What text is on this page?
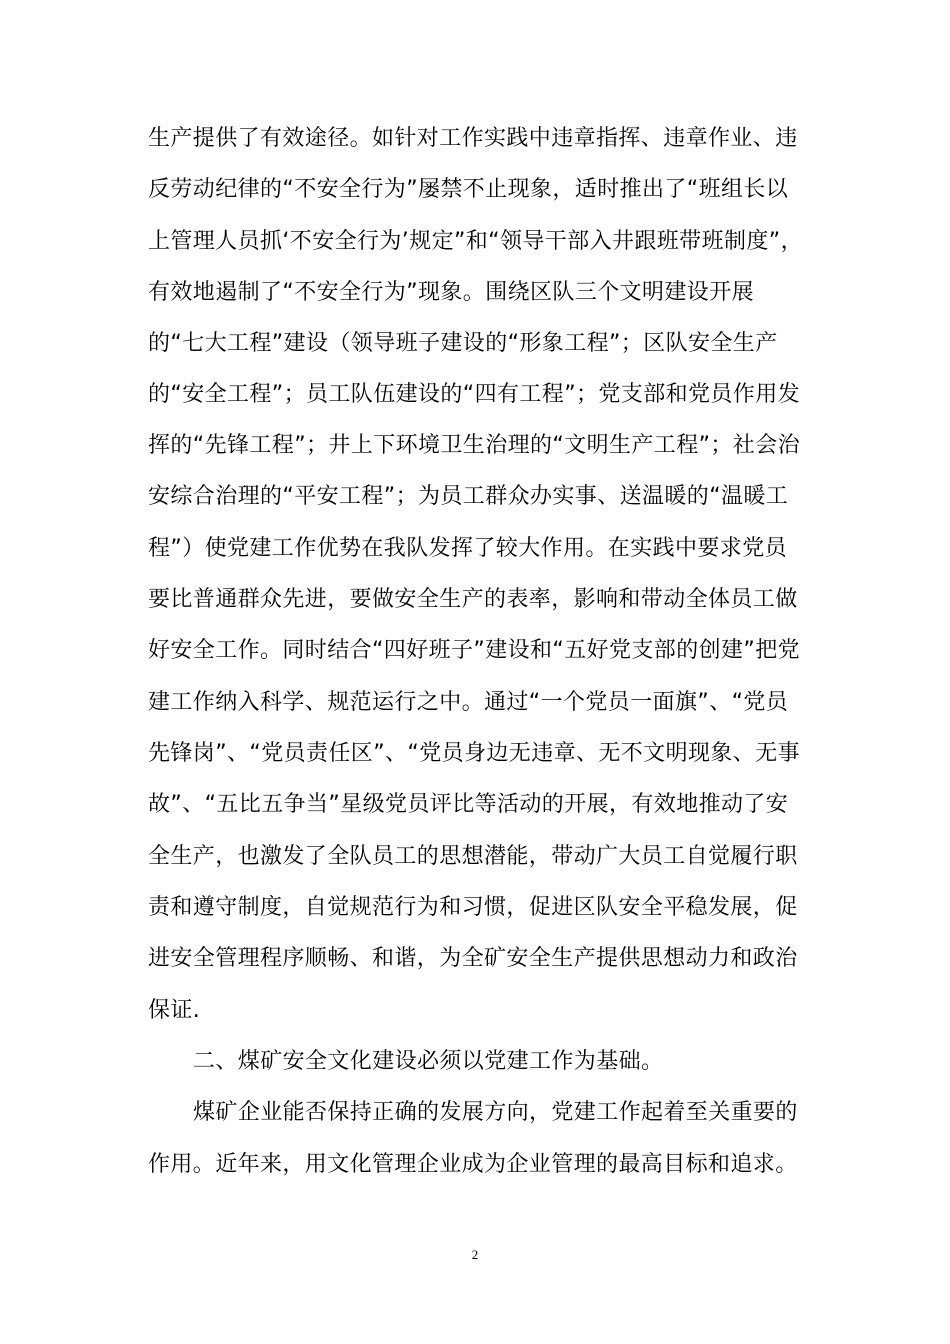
生产提供了有效途径。如针对工作实践中违章指挥、违章作业、违
反劳动纪律的“不安全行为”屡禁不止现象，适时推出了“班组长以
上管理人员抓‘不安全行为’规定”和“领导干部入井跟班带班制度”，
有效地遏制了“不安全行为”现象。围绕区队三个文明建设开展
的“七大工程”建设（领导班子建设的“形象工程”；区队安全生产
的“安全工程”；员工队伍建设的“四有工程”；党支部和党员作用发
挥的“先锋工程”；井上下环境卫生治理的“文明生产工程”；社会治
安综合治理的“平安工程”；为员工群众办实事、送温暖的“温暖工
程”）使党建工作优势在我队发挥了较大作用。在实践中要求党员
要比普通群众先进，要做安全生产的表率，影响和带动全体员工做
好安全工作。同时结合“四好班子”建设和“五好党支部的创建”把党
建工作纳入科学、规范运行之中。通过“一个党员一面旗”、“党员
先锋岗”、“党员责任区”、“党员身边无违章、无不文明现象、无事
故”、“五比五争当”星级党员评比等活动的开展，有效地推动了安
全生产，也激发了全队员工的思想潜能，带动广大员工自觉履行职
责和遵守制度，自觉规范行为和习惯，促进区队安全平稳发展，促
进安全管理程序顺畅、和谐，为全矿安全生产提供思想动力和政治
保证.
二、煤矿安全文化建设必须以党建工作为基础。
煤矿企业能否保持正确的发展方向，党建工作起着至关重要的
作用。近年来，用文化管理企业成为企业管理的最高目标和追求。
2
